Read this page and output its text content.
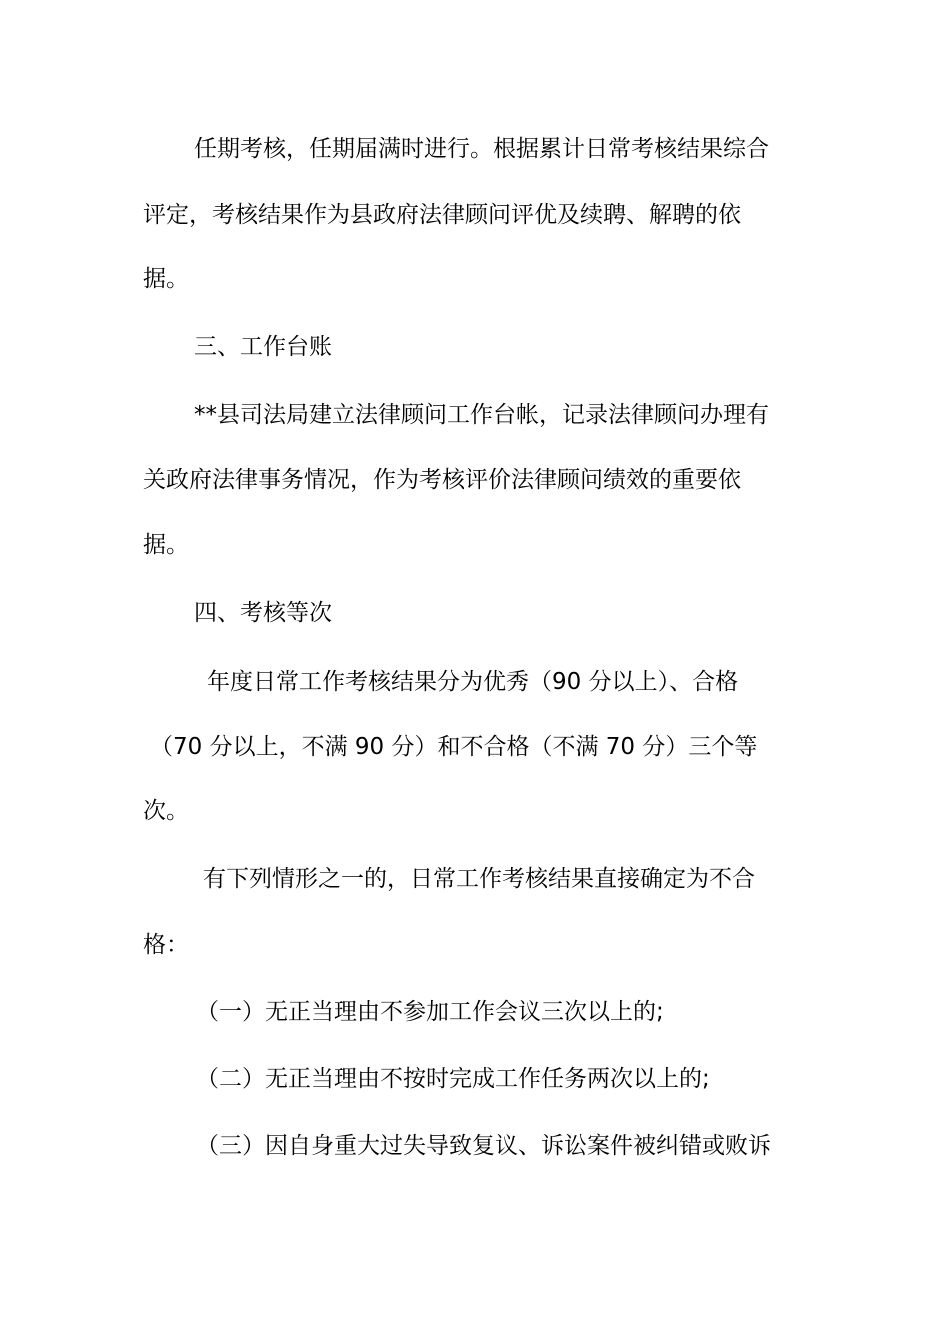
任期考核，任期届满时进行。根据累计日常考核结果综合
评定，考核结果作为县政府法律顾问评优及续聘、解聘的依
据。
三、工作台账
**县司法局建立法律顾问工作台帐，记录法律顾问办理有
关政府法律事务情况，作为考核评价法律顾问绩效的重要依
据。
四、考核等次
年度日常工作考核结果分为优秀（90 分以上）、合格
（70 分以上，不满 90 分）和不合格（不满 70 分）三个等
次。
有下列情形之一的，日常工作考核结果直接确定为不合
格：
（一）无正当理由不参加工作会议三次以上的;
（二）无正当理由不按时完成工作任务两次以上的;
（三）因自身重大过失导致复议、诉讼案件被纠错或败诉
